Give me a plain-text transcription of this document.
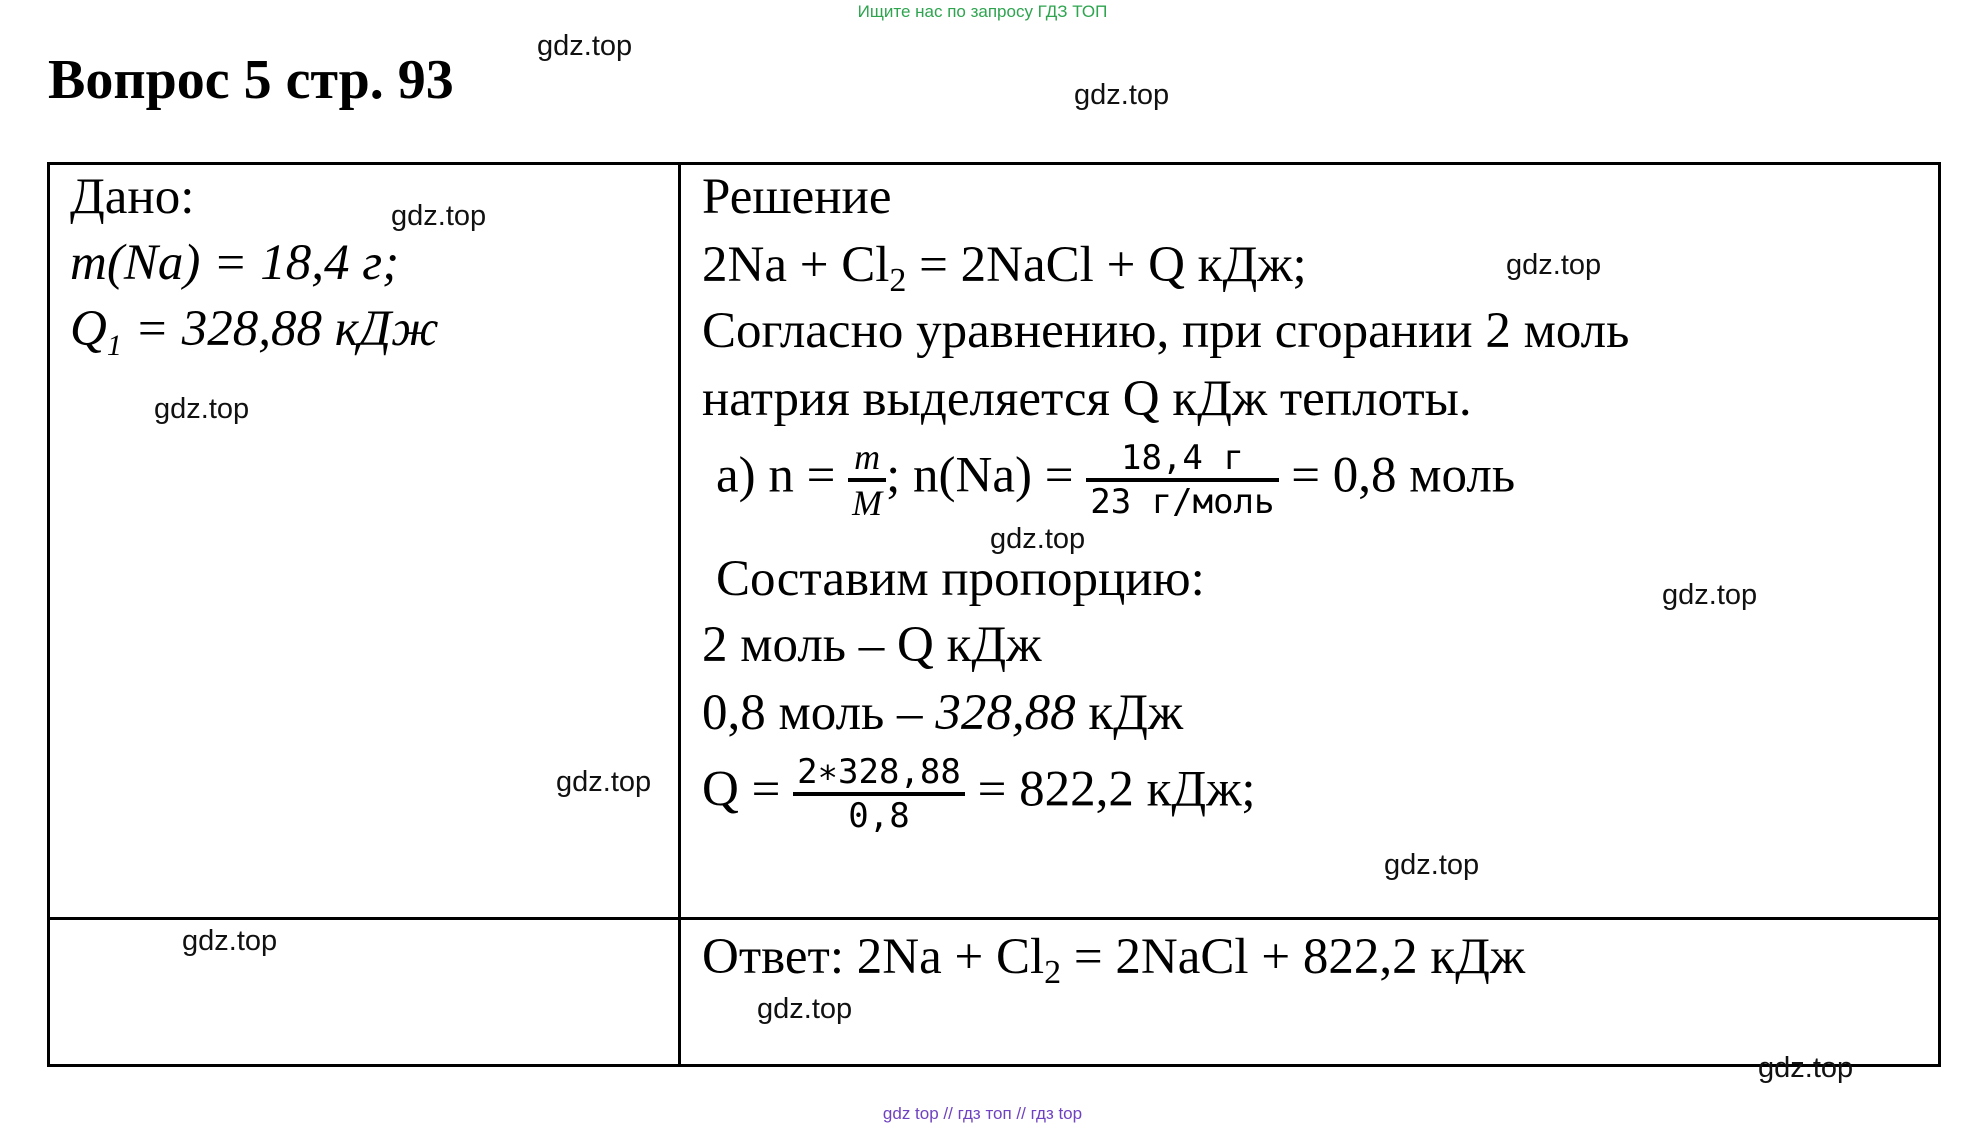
Ищите нас по запросу ГДЗ ТОП
Вопрос 5 стр. 93
Дано:
m(Na) = 18,4 г;
Q1 = 328,88 кДж
Решение
$2Na + Cl_2$ = 2NaCl + Q кДж;
Согласно уравнению, при сгорании 2 моль
натрия выделяется Q кДж теплоты.
а) $n = \frac{m}{M}$ ; $n(Na) = \frac{18,4 г}{\text{23 г/моль}} = 0,8$ моль
Составим пропорцию:
2 моль – Q кДж
0,8 моль – 328,88 кДж
$Q = \frac{2∗328,88}{0,8} = 822,2$ кДж;
Ответ: $2Na + Cl_2$ = 2NaCl + 822,2 кДж
gdz.top
gdz.top
gdz.top
gdz.top
gdz.top
gdz.top
gdz.top
gdz.top
gdz.top
gdz.top
gdz.top
gdz.top
gdz top // гдз топ // гдз top
